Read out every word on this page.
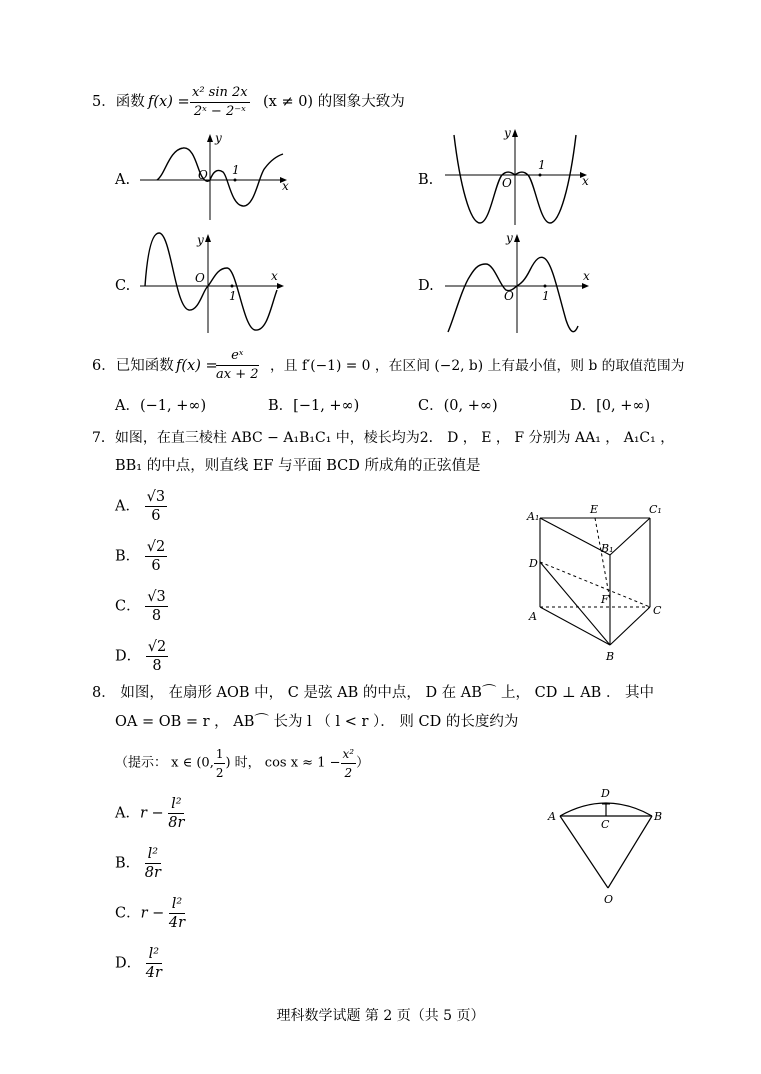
5．函数 $f(x) = \frac{\text{x² sin 2x}}{\text{2ˣ − 2⁻ˣ}} (x \ne 0)$ 的图象大致为
A.	B.
C.	D.
x
y
O 1
x
y
O
1
x
y
O
1
x
y
O 1
6．已知函数 f(x) =
$\frac{\text{eˣ}}{ax + 2}$ ，且 f′(−1) = 0 ，在区间 (−2, b) 上有最小值，则 b 的取值范围为
A．(−1, +∞)	B．[−1, +∞)	C．(0, +∞)	D．[0, +∞)
7．如图，在直三棱柱 ABC − A₁B₁C₁ 中，棱长均为2． D ， E ， F 分别为 AA₁ ， A₁C₁ ，
BB₁ 的中点，则直线 EF 与平面 BCD 所成角的正弦值是
A． $\frac{√3}{6}$
B． $\frac{√2}{6}$
C． $\frac{√3}{8}$
D． $\frac{√2}{8}$
A₁
E	C₁
B₁
D
F
A	C
B
8． 如图， 在扇形 AOB 中， C 是弦 AB 的中点， D 在 AB⌒ 上， CD ⊥ AB ． 其中
OA = OB = r ， AB⌒ 长为 l （ l < r ）． 则 CD 的长度约为
（提示： x ∈ (0, $\frac{1}{2}$ ) 时， $\cos x \approx 1 - \frac{\text{x²}}{2}$ ）
A．$r - \frac{\text{l²}}{8r}$
B． $\frac{\text{l²}}{8r}$
C．$r - \frac{\text{l²}}{4r}$
D． $\frac{\text{l²}}{4r}$
A	B
C
D
O
理科数学试题 第 2 页（共 5 页）
